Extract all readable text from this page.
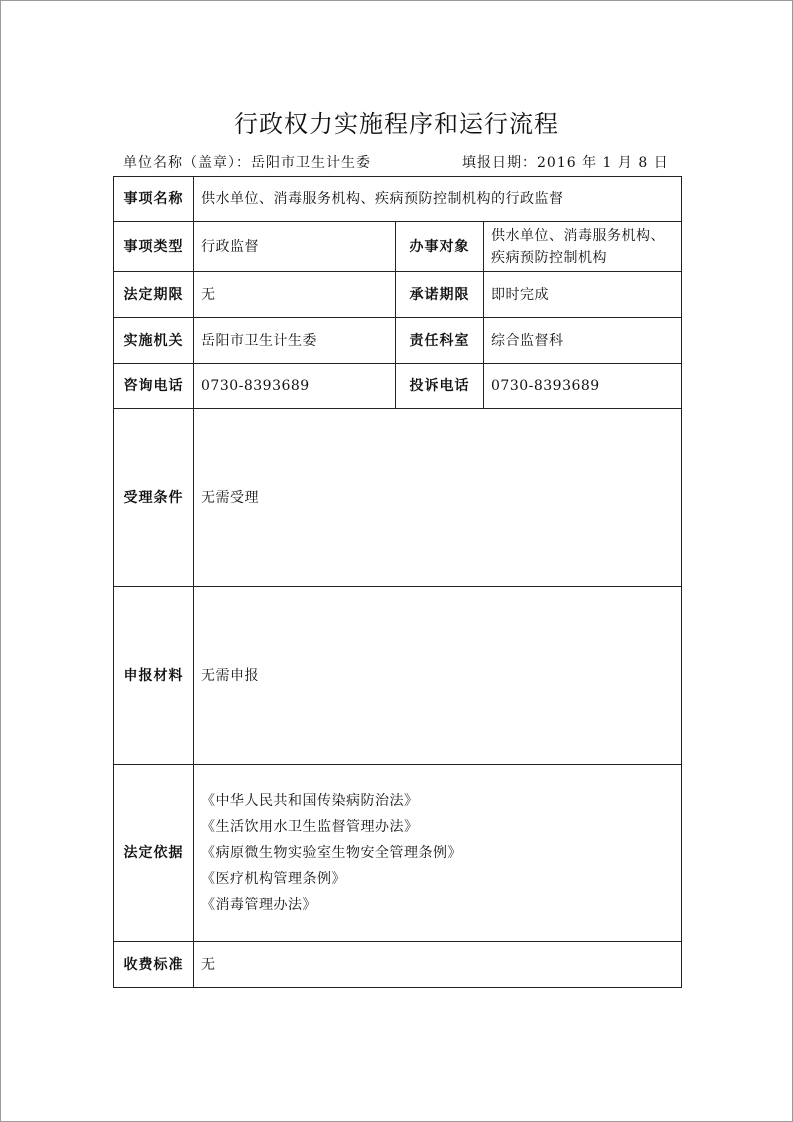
行政权力实施程序和运行流程
单位名称（盖章）：岳阳市卫生计生委	填报日期：2016 年 1 月 8 日
事项名称	供水单位、消毒服务机构、疾病预防控制机构的行政监督		
事项类型	行政监督	办事对象	供水单位、消毒服务机构、疾病预防控制机构
法定期限	无	承诺期限	即时完成
实施机关	岳阳市卫生计生委	责任科室	综合监督科
咨询电话	0730-8393689	投诉电话	0730-8393689
受理条件	无需受理		
申报材料	无需申报		
法定依据	《中华人民共和国传染病防治法》
《生活饮用水卫生监督管理办法》
《病原微生物实验室生物安全管理条例》
《医疗机构管理条例》
《消毒管理办法》		

收费标准	无		
